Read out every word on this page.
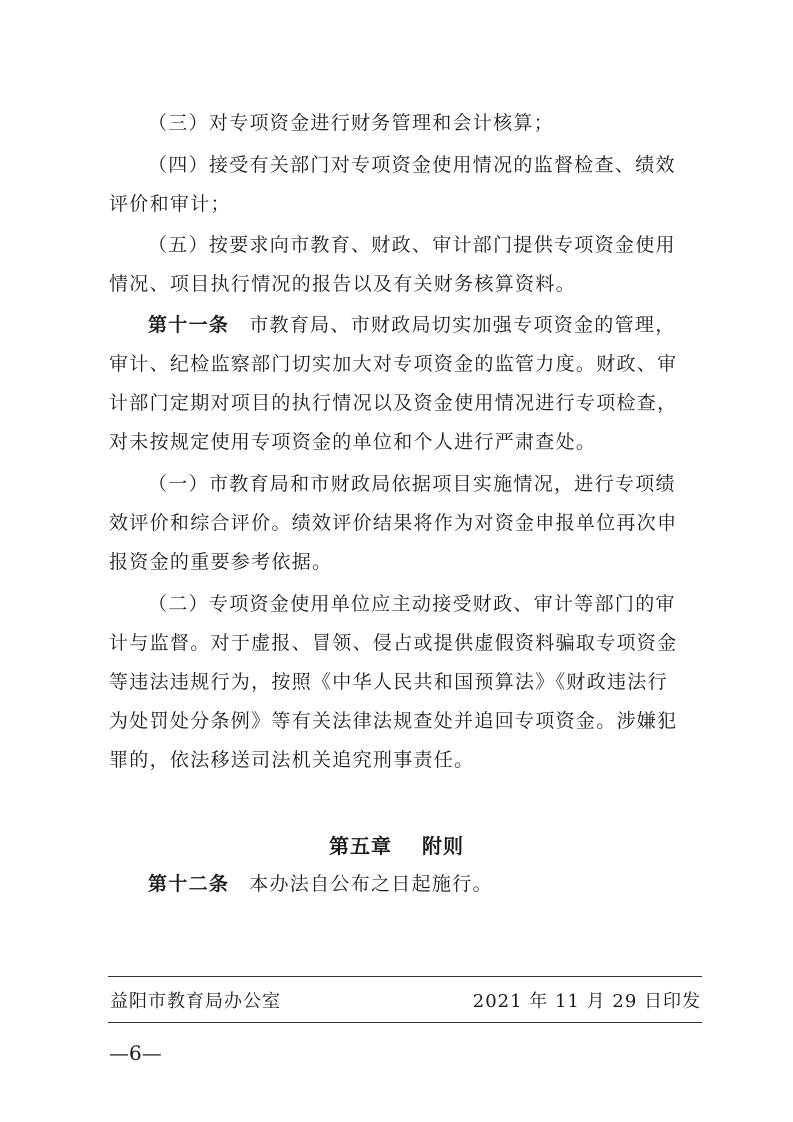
（三）对专项资金进行财务管理和会计核算；
（四）接受有关部门对专项资金使用情况的监督检查、绩效
评价和审计；
（五）按要求向市教育、财政、审计部门提供专项资金使用
情况、项目执行情况的报告以及有关财务核算资料。
第十一条 市教育局、市财政局切实加强专项资金的管理，
审计、纪检监察部门切实加大对专项资金的监管力度。财政、审
计部门定期对项目的执行情况以及资金使用情况进行专项检查，
对未按规定使用专项资金的单位和个人进行严肃查处。
（一）市教育局和市财政局依据项目实施情况，进行专项绩
效评价和综合评价。绩效评价结果将作为对资金申报单位再次申
报资金的重要参考依据。
（二）专项资金使用单位应主动接受财政、审计等部门的审
计与监督。对于虚报、冒领、侵占或提供虚假资料骗取专项资金
等违法违规行为，按照《中华人民共和国预算法》《财政违法行
为处罚处分条例》等有关法律法规查处并追回专项资金。涉嫌犯
罪的，依法移送司法机关追究刑事责任。
第五章 附则
第十二条 本办法自公布之日起施行。
益阳市教育局办公室	2021 年 11 月 29 日印发
—6—
